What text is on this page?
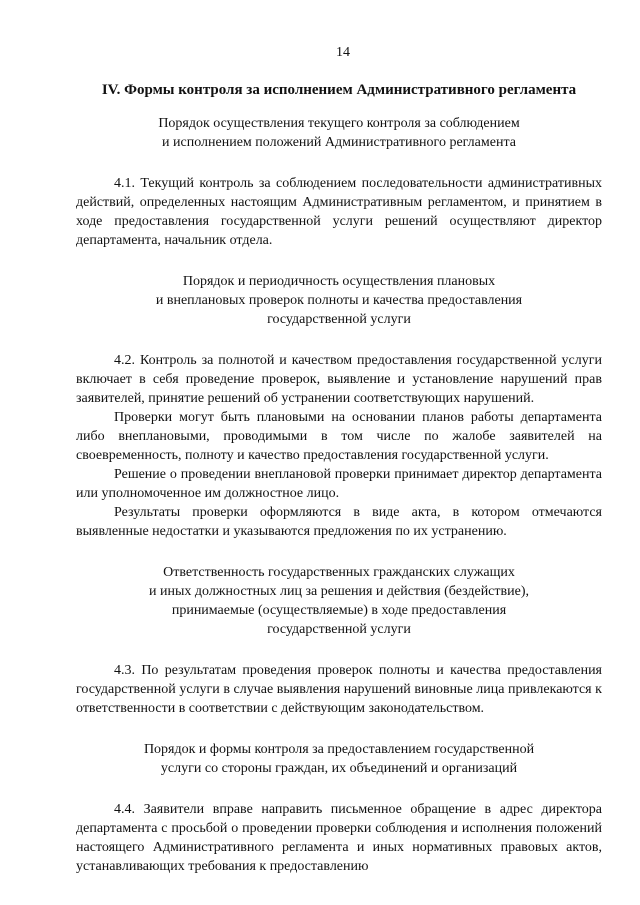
14
IV. Формы контроля за исполнением Административного регламента
Порядок осуществления текущего контроля за соблюдением
и исполнением положений Административного регламента

4.1. Текущий контроль за соблюдением последовательности административных действий, определенных настоящим Административным регламентом, и принятием в ходе предоставления государственной услуги решений осуществляют директор департамента, начальник отдела.

Порядок и периодичность осуществления плановых
и внеплановых проверок полноты и качества предоставления
государственной услуги

4.2. Контроль за полнотой и качеством предоставления государственной услуги включает в себя проведение проверок, выявление и установление нарушений прав заявителей, принятие решений об устранении соответствующих нарушений.

Проверки могут быть плановыми на основании планов работы департамента либо внеплановыми, проводимыми в том числе по жалобе заявителей на своевременность, полноту и качество предоставления государственной услуги.

Решение о проведении внеплановой проверки принимает директор департамента или уполномоченное им должностное лицо.

Результаты проверки оформляются в виде акта, в котором отмечаются выявленные недостатки и указываются предложения по их устранению.

Ответственность государственных гражданских служащих
и иных должностных лиц за решения и действия (бездействие),
принимаемые (осуществляемые) в ходе предоставления
государственной услуги

4.3. По результатам проведения проверок полноты и качества предоставления государственной услуги в случае выявления нарушений виновные лица привлекаются к ответственности в соответствии с действующим законодательством.

Порядок и формы контроля за предоставлением государственной
услуги со стороны граждан, их объединений и организаций

4.4. Заявители вправе направить письменное обращение в адрес директора департамента с просьбой о проведении проверки соблюдения и исполнения положений настоящего Административного регламента и иных нормативных правовых актов, устанавливающих требования к предоставлению
